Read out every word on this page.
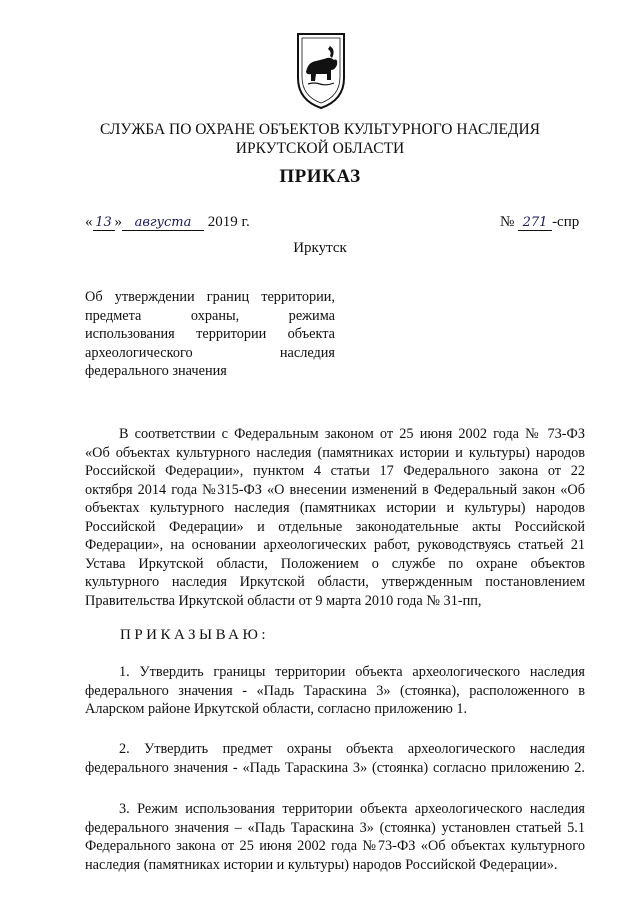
СЛУЖБА ПО ОХРАНЕ ОБЪЕКТОВ КУЛЬТУРНОГО НАСЛЕДИЯ
ИРКУТСКОЙ ОБЛАСТИ
ПРИКАЗ
« 13 » августа 2019 г.	№ 271 -спр
Иркутск
Об утверждении границ территории,
предмета охраны, режима
использования территории объекта
археологического наследия
федерального значения
В соответствии с Федеральным законом от 25 июня 2002 года № 73-ФЗ
«Об объектах культурного наследия (памятниках истории и культуры) народов
Российской Федерации», пунктом 4 статьи 17 Федерального закона от 22
октября 2014 года №315-ФЗ «О внесении изменений в Федеральный закон «Об
объектах культурного наследия (памятниках истории и культуры) народов
Российской Федерации» и отдельные законодательные акты Российской
Федерации», на основании археологических работ, руководствуясь статьей 21
Устава Иркутской области, Положением о службе по охране объектов
культурного наследия Иркутской области, утвержденным постановлением
Правительства Иркутской области от 9 марта 2010 года № 31-пп,
ПРИКАЗЫВАЮ:
1. Утвердить границы территории объекта археологического наследия
федерального значения - «Падь Тараскина 3» (стоянка), расположенного в
Аларском районе Иркутской области, согласно приложению 1.
2. Утвердить предмет охраны объекта археологического наследия
федерального значения - «Падь Тараскина 3» (стоянка) согласно приложению 2.
3. Режим использования территории объекта археологического наследия
федерального значения – «Падь Тараскина 3» (стоянка) установлен статьей 5.1
Федерального закона от 25 июня 2002 года №73-ФЗ «Об объектах культурного
наследия (памятниках истории и культуры) народов Российской Федерации».
